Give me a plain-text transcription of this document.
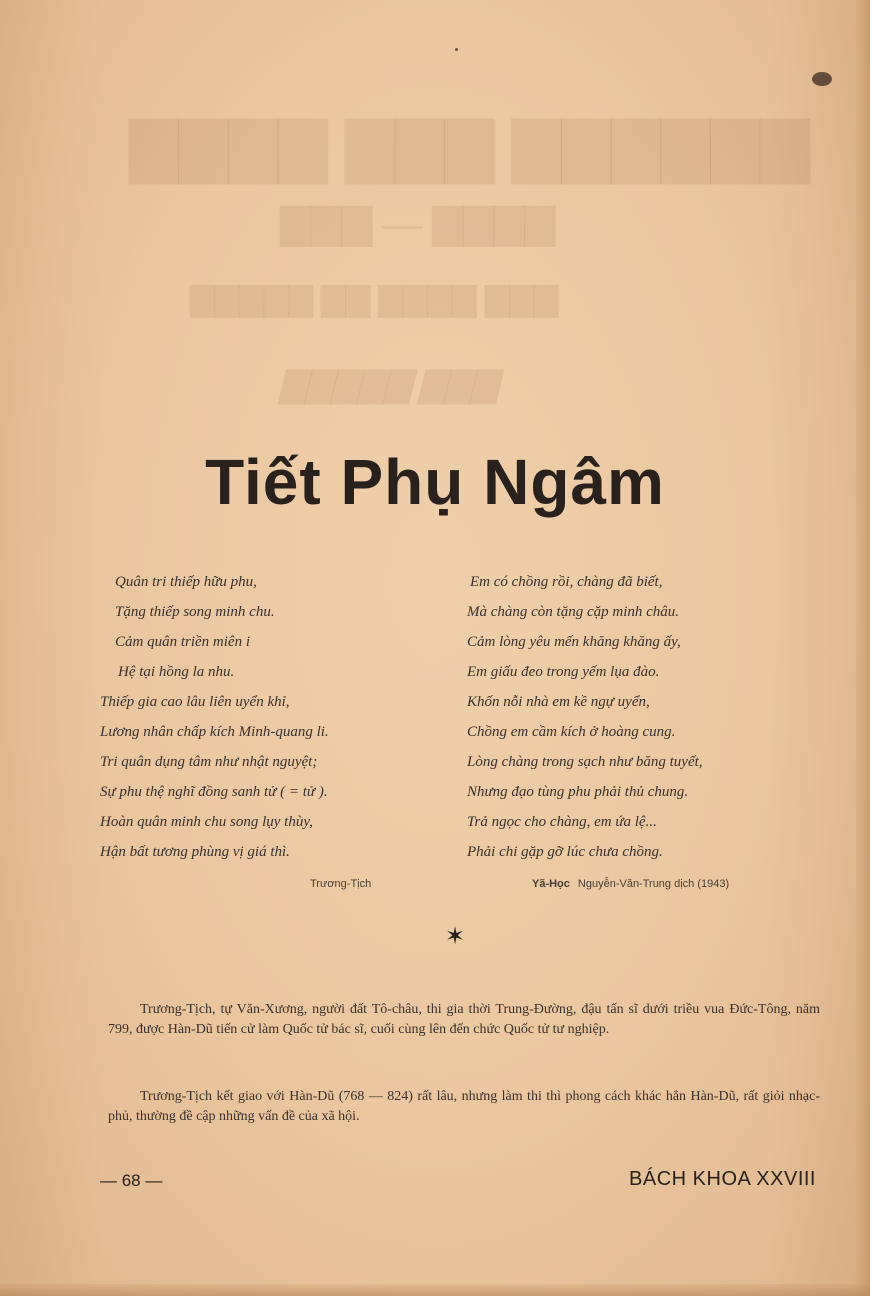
▇▇▇▇ ▇▇▇ ▇▇▇▇▇▇
▇▇▇ — ▇▇▇▇
▇▇▇▇▇ ▇▇ ▇▇▇▇ ▇▇▇
▇▇▇▇▇ ▇▇▇
Tiết Phụ Ngâm
Quân tri thiếp hữu phu,
Tặng thiếp song minh chu.
Cảm quân triền miên i
Hệ tại hồng la nhu.
Thiếp gia cao lâu liên uyển khỉ,
Lương nhân chấp kích Minh-quang li.
Tri quân dụng tâm như nhật nguyệt;
Sự phu thệ nghĩ đồng sanh tử ( = tử ).
Hoàn quân minh chu song lụy thùy,
Hận bất tương phùng vị giá thì.
Em có chồng rồi, chàng đã biết,
Mà chàng còn tặng cặp minh châu.
Cảm lòng yêu mến khăng khăng ấy,
Em giấu đeo trong yếm lụa đào.
Khốn nỗi nhà em kề ngự uyển,
Chồng em cầm kích ở hoàng cung.
Lòng chàng trong sạch như băng tuyết,
Nhưng đạo tùng phu phải thủ chung.
Trả ngọc cho chàng, em ứa lệ...
Phải chi gặp gỡ lúc chưa chồng.
Trương-Tịch	Yã-Học Nguyễn-Văn-Trung dịch (1943)
✶
Trương-Tịch, tự Văn-Xương, người đất Tô-châu, thi gia thời Trung-Đường, đậu tấn sĩ dưới triều vua Đức-Tông, năm 799, được Hàn-Dũ tiến cử làm Quốc tử bác sĩ, cuối cùng lên đến chức Quốc tử tư nghiệp.
Trương-Tịch kết giao với Hàn-Dũ (768 — 824) rất lâu, nhưng làm thi thì phong cách khác hẳn Hàn-Dũ, rất giỏi nhạc-phủ, thường đề cập những vấn đề của xã hội.
— 68 —	BÁCH KHOA XXVIII
